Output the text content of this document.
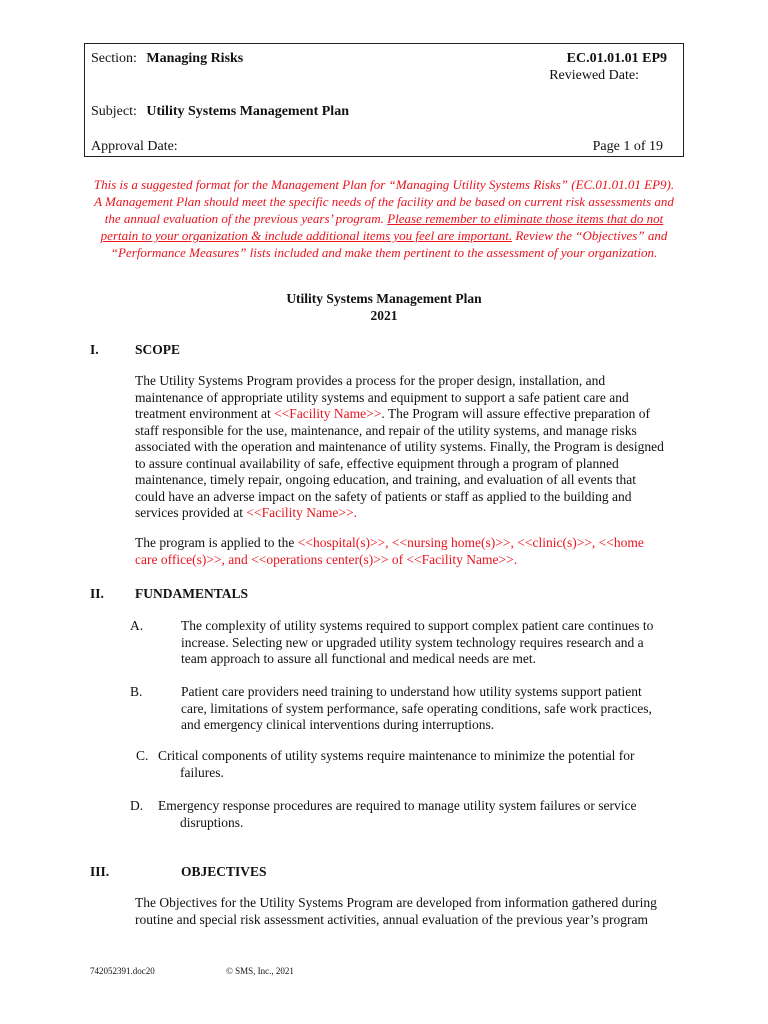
Section: Managing Risks	EC.01.01.01 EP9
Reviewed Date:
Subject: Utility Systems Management Plan
Approval Date:	Page 1 of 19
This is a suggested format for the Management Plan for “Managing Utility Systems Risks” (EC.01.01.01 EP9). A Management Plan should meet the specific needs of the facility and be based on current risk assessments and the annual evaluation of the previous years’ program. Please remember to eliminate those items that do not pertain to your organization & include additional items you feel are important. Review the “Objectives” and “Performance Measures” lists included and make them pertinent to the assessment of your organization.
Utility Systems Management Plan
2021
I.	SCOPE
The Utility Systems Program provides a process for the proper design, installation, and maintenance of appropriate utility systems and equipment to support a safe patient care and treatment environment at <<Facility Name>>. The Program will assure effective preparation of staff responsible for the use, maintenance, and repair of the utility systems, and manage risks associated with the operation and maintenance of utility systems. Finally, the Program is designed to assure continual availability of safe, effective equipment through a program of planned maintenance, timely repair, ongoing education, and training, and evaluation of all events that could have an adverse impact on the safety of patients or staff as applied to the building and services provided at <<Facility Name>>.
The program is applied to the <<hospital(s)>>, <<nursing home(s)>>, <<clinic(s)>>, <<home care office(s)>>, and <<operations center(s)>> of <<Facility Name>>.
II. FUNDAMENTALS
A.	The complexity of utility systems required to support complex patient care continues to increase. Selecting new or upgraded utility system technology requires research and a team approach to assure all functional and medical needs are met.
B.	Patient care providers need training to understand how utility systems support patient care, limitations of system performance, safe operating conditions, safe work practices, and emergency clinical interventions during interruptions.
C. Critical components of utility systems require maintenance to minimize the potential for failures.
D. Emergency response procedures are required to manage utility system failures or service disruptions.
III.	OBJECTIVES
The Objectives for the Utility Systems Program are developed from information gathered during routine and special risk assessment activities, annual evaluation of the previous year’s program
742052391.doc20	© SMS, Inc., 2021
